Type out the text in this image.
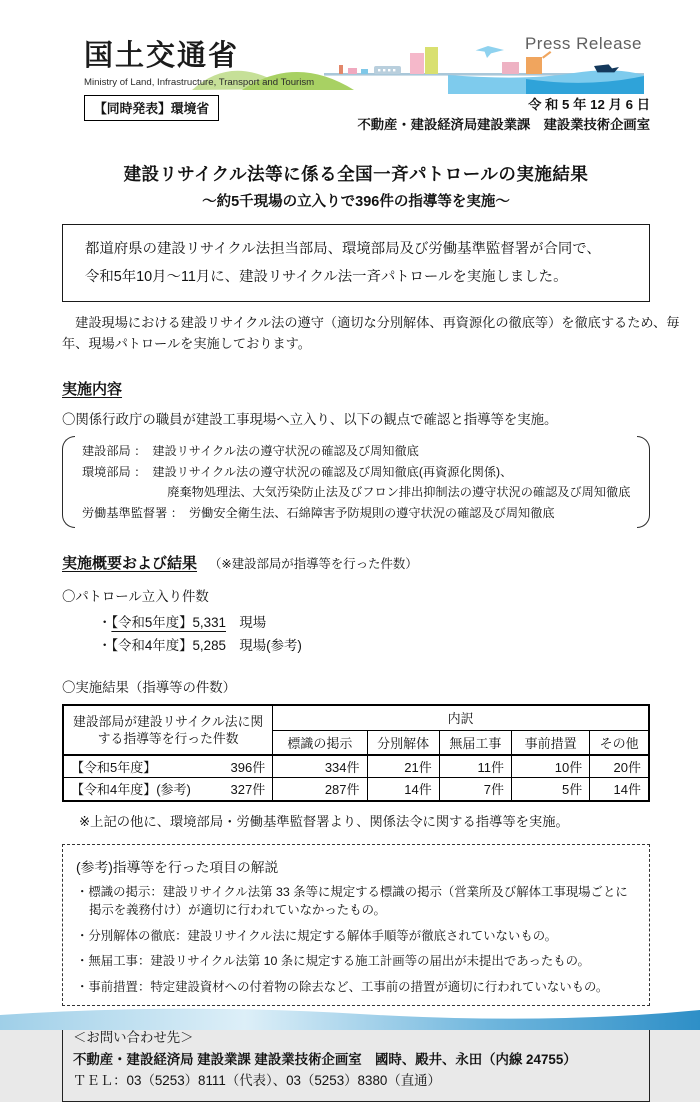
Press Release
国土交通省
Ministry of Land, Infrastructure, Transport and Tourism
【同時発表】環境省	令 和 5 年 12 月 6 日
不動産・建設経済局建設業課　建設業技術企画室
建設リサイクル法等に係る全国一斉パトロールの実施結果
～約5千現場の立入りで396件の指導等を実施～
都道府県の建設リサイクル法担当部局、環境部局及び労働基準監督署が合同で、
令和5年10月～11月に、建設リサイクル法一斉パトロールを実施しました。

　建設現場における建設リサイクル法の遵守（適切な分別解体、再資源化の徹底等）を徹底するため、毎年、現場パトロールを実施しております。

実施内容

〇関係行政庁の職員が建設工事現場へ立入り、以下の観点で確認と指導等を実施。

建設部局 ：　建設リサイクル法の遵守状況の確認及び周知徹底
環境部局 ：　建設リサイクル法の遵守状況の確認及び周知徹底(再資源化関係)、
　　　　　　　廃棄物処理法、大気汚染防止法及びフロン排出抑制法の遵守状況の確認及び周知徹底
労働基準監督署 ：　労働安全衛生法、石綿障害予防規則の遵守状況の確認及び周知徹底
実施概要および結果 （※建設部局が指導等を行った件数）
〇パトロール立入り件数
・【令和5年度】5,331　現場
・【令和4年度】5,285　現場(参考)
〇実施結果（指導等の件数）
建設部局が建設リサイクル法に関
する指導等を行った件数	内訳				
	標識の掲示	分別解体	無届工事	事前措置	その他

【令和5年度】 396件	334件	21件	11件	10件	20件

【令和4年度】(参考) 327件	287件	14件	7件	5件	14件
※上記の他に、環境部局・労働基準監督署より、関係法令に関する指導等を実施。
(参考)指導等を行った項目の解説
・標識の掲示：建設リサイクル法第 33 条等に規定する標識の掲示（営業所及び解体工事現場ごとに掲示を義務付け）が適切に行われていなかったもの。
・分別解体の徹底：建設リサイクル法に規定する解体手順等が徹底されていないもの。
・無届工事：建設リサイクル法第 10 条に規定する施工計画等の届出が未提出であったもの。
・事前措置：特定建設資材への付着物の除去など、工事前の措置が適切に行われていないもの。
＜お問い合わせ先＞
不動産・建設経済局 建設業課 建設業技術企画室　國時、殿井、永田（内線 24755）
ＴＥＬ：03（5253）8111（代表）、03（5253）8380（直通）
